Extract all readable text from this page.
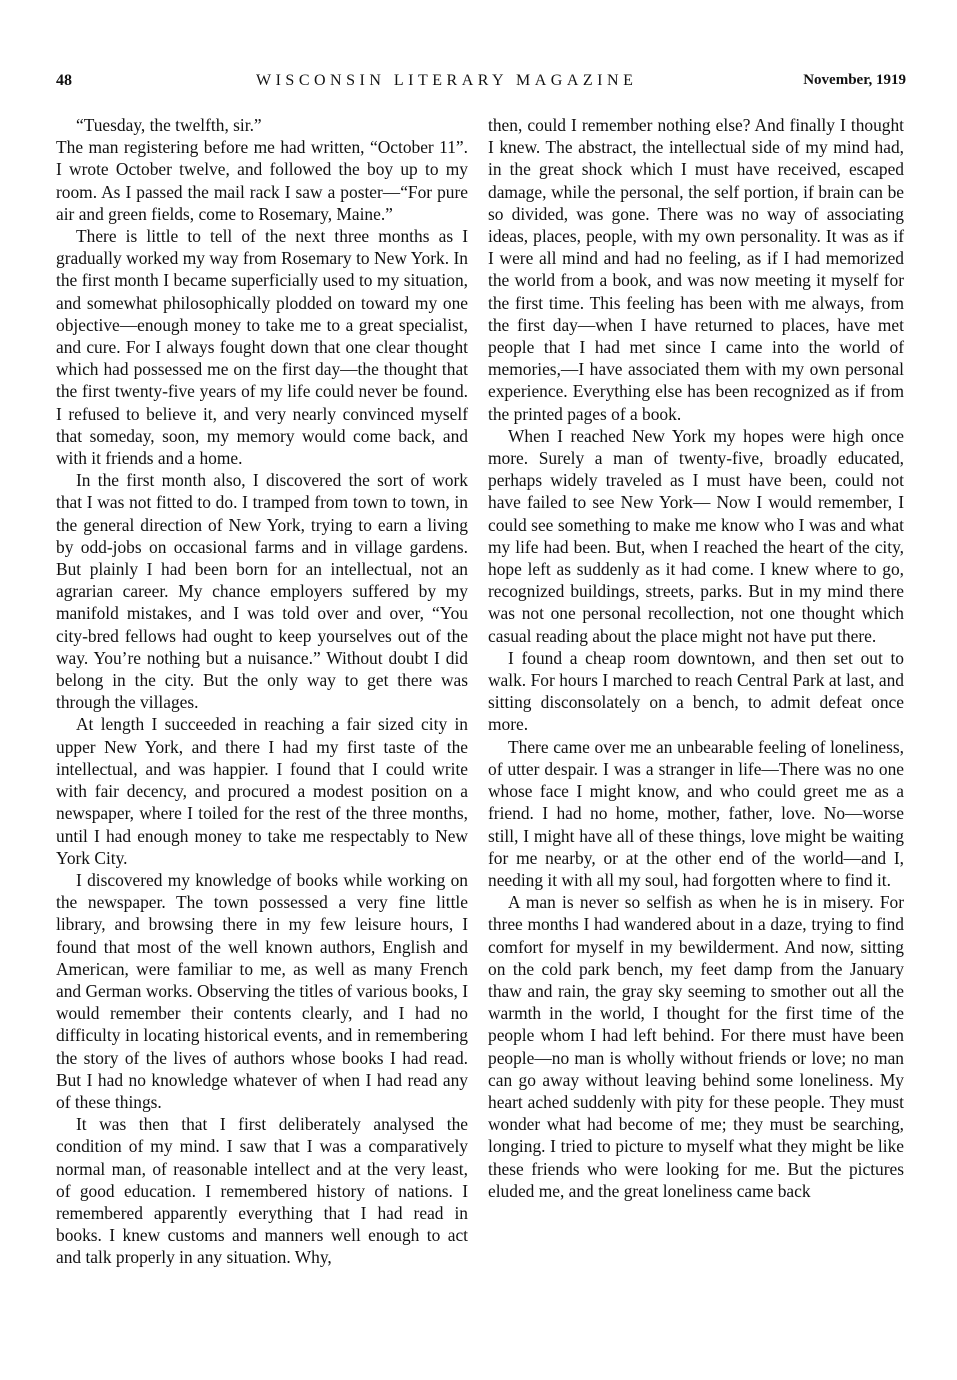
48	WISCONSIN LITERARY MAGAZINE	November, 1919

“Tuesday, the twelfth, sir.”

The man registering before me had written, “October 11”. I wrote October twelve, and followed the boy up to my room. As I passed the mail rack I saw a poster—“For pure air and green fields, come to Rosemary, Maine.”

There is little to tell of the next three months as I gradually worked my way from Rosemary to New York. In the first month I became superficially used to my situation, and somewhat philosophically plodded on toward my one objective—enough money to take me to a great specialist, and cure. For I always fought down that one clear thought which had possessed me on the first day—the thought that the first twenty-five years of my life could never be found. I refused to believe it, and very nearly convinced myself that someday, soon, my memory would come back, and with it friends and a home.

In the first month also, I discovered the sort of work that I was not fitted to do. I tramped from town to town, in the general direction of New York, trying to earn a living by odd-jobs on occasional farms and in village gardens. But plainly I had been born for an intellectual, not an agrarian career. My chance employers suffered by my manifold mistakes, and I was told over and over, “You city-bred fellows had ought to keep yourselves out of the way. You’re nothing but a nuisance.” Without doubt I did belong in the city. But the only way to get there was through the villages.

At length I succeeded in reaching a fair sized city in upper New York, and there I had my first taste of the intellectual, and was happier. I found that I could write with fair decency, and procured a modest position on a newspaper, where I toiled for the rest of the three months, until I had enough money to take me respectably to New York City.

I discovered my knowledge of books while working on the newspaper. The town possessed a very fine little library, and browsing there in my few leisure hours, I found that most of the well known authors, English and American, were familiar to me, as well as many French and German works. Observing the titles of various books, I would remember their contents clearly, and I had no difficulty in locating historical events, and in remembering the story of the lives of authors whose books I had read. But I had no knowledge whatever of when I had read any of these things.

It was then that I first deliberately analysed the condition of my mind. I saw that I was a comparatively normal man, of reasonable intellect and at the very least, of good education. I remembered history of nations. I remembered apparently everything that I had read in books. I knew customs and manners well enough to act and talk properly in any situation. Why,

then, could I remember nothing else? And finally I thought I knew. The abstract, the intellectual side of my mind had, in the great shock which I must have received, escaped damage, while the personal, the self portion, if brain can be so divided, was gone. There was no way of associating ideas, places, people, with my own personality. It was as if I were all mind and had no feeling, as if I had memorized the world from a book, and was now meeting it myself for the first time. This feeling has been with me always, from the first day—when I have returned to places, have met people that I had met since I came into the world of memories,—I have associated them with my own personal experience. Everything else has been recognized as if from the printed pages of a book.

When I reached New York my hopes were high once more. Surely a man of twenty-five, broadly educated, perhaps widely traveled as I must have been, could not have failed to see New York— Now I would remember, I could see something to make me know who I was and what my life had been. But, when I reached the heart of the city, hope left as suddenly as it had come. I knew where to go, recognized buildings, streets, parks. But in my mind there was not one personal recollection, not one thought which casual reading about the place might not have put there.

I found a cheap room downtown, and then set out to walk. For hours I marched to reach Central Park at last, and sitting disconsolately on a bench, to admit defeat once more.

There came over me an unbearable feeling of loneliness, of utter despair. I was a stranger in life—There was no one whose face I might know, and who could greet me as a friend. I had no home, mother, father, love. No—worse still, I might have all of these things, love might be waiting for me nearby, or at the other end of the world—and I, needing it with all my soul, had forgotten where to find it.

A man is never so selfish as when he is in misery. For three months I had wandered about in a daze, trying to find comfort for myself in my bewilderment. And now, sitting on the cold park bench, my feet damp from the January thaw and rain, the gray sky seeming to smother out all the warmth in the world, I thought for the first time of the people whom I had left behind. For there must have been people—no man is wholly without friends or love; no man can go away without leaving behind some loneliness. My heart ached suddenly with pity for these people. They must wonder what had become of me; they must be searching, longing. I tried to picture to myself what they might be like these friends who were looking for me. But the pictures eluded me, and the great loneliness came back
